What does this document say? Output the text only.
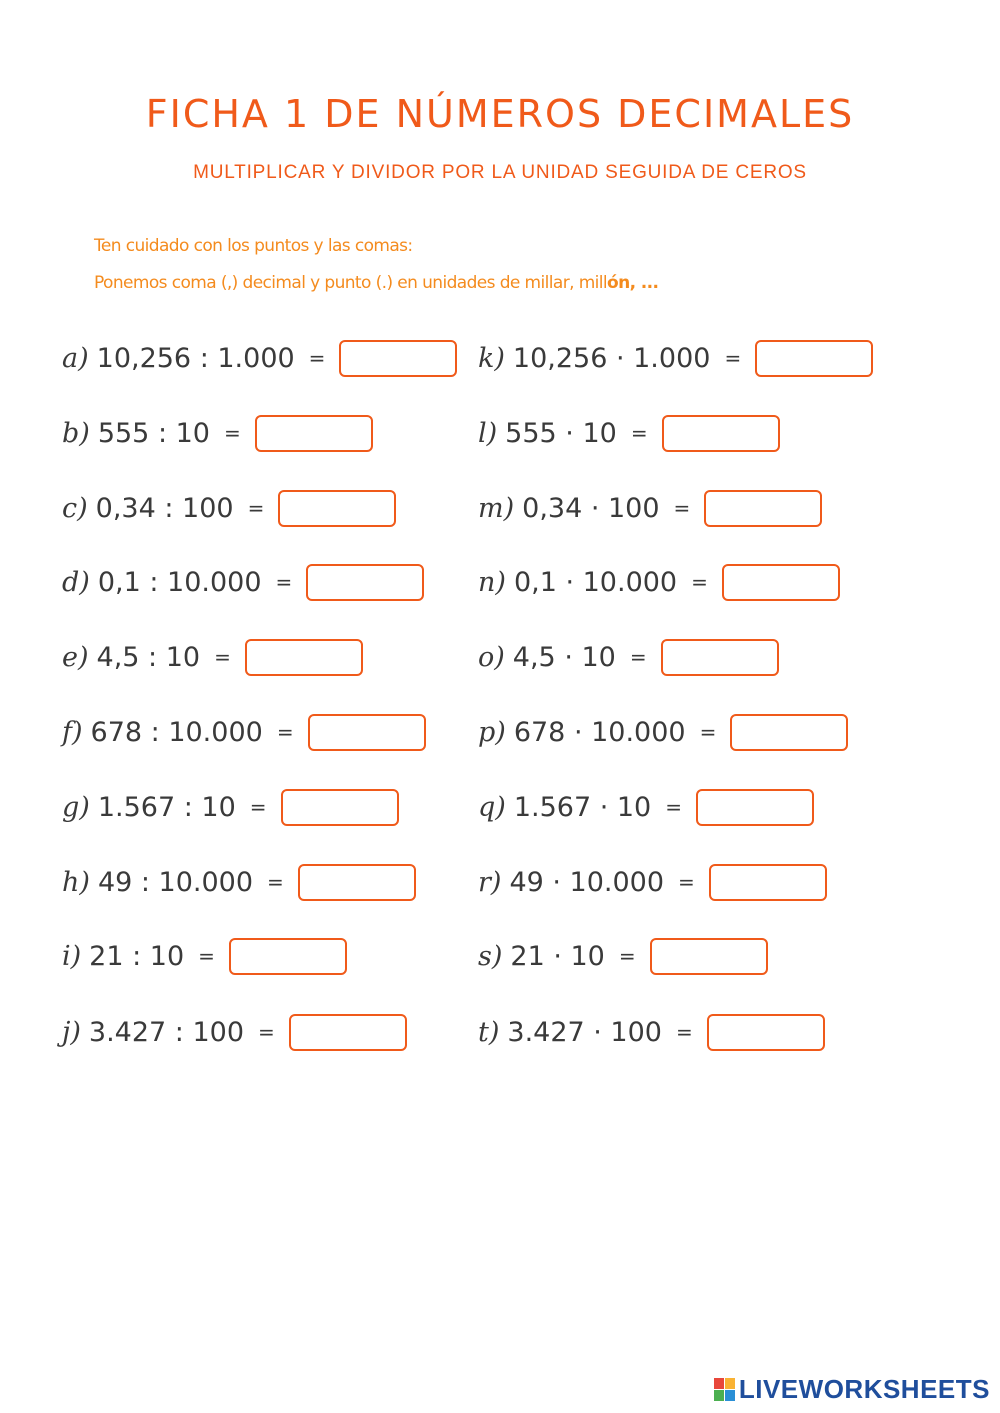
FICHA 1 DE NÚMEROS DECIMALES
MULTIPLICAR Y DIVIDOR POR LA UNIDAD SEGUIDA DE CEROS
Ten cuidado con los puntos y las comas:
Ponemos coma (,) decimal y punto (.) en unidades de millar, millón, ...
a) 10,256 : 1.000 =
b) 555 : 10 =
c) 0,34 : 100 =
d) 0,1 : 10.000 =
e) 4,5 : 10 =
f) 678 : 10.000 =
g) 1.567 : 10 =
h) 49 : 10.000 =
i) 21 : 10 =
j) 3.427 : 100 =
k) 10,256 · 1.000 =
l) 555 · 10 =
m) 0,34 · 100 =
n) 0,1 · 10.000 =
o) 4,5 · 10 =
p) 678 · 10.000 =
q) 1.567 · 10 =
r) 49 · 10.000 =
s) 21 · 10 =
t) 3.427 · 100 =
LIVEWORKSHEETS
